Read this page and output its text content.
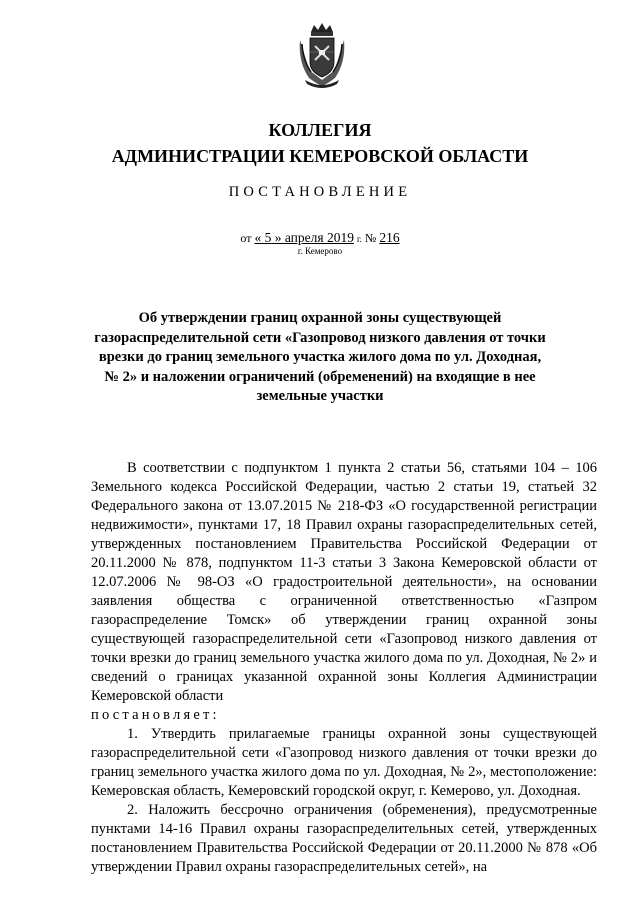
КОЛЛЕГИЯ
АДМИНИСТРАЦИИ КЕМЕРОВСКОЙ ОБЛАСТИ
ПОСТАНОВЛЕНИЕ
от « 5 » апреля 2019 г. № 216
г. Кемерово
Об утверждении границ охранной зоны существующей газораспределительной сети «Газопровод низкого давления от точки врезки до границ земельного участка жилого дома по ул. Доходная, № 2» и наложении ограничений (обременений) на входящие в нее земельные участки

В соответствии с подпунктом 1 пункта 2 статьи 56, статьями 104 – 106 Земельного кодекса Российской Федерации, частью 2 статьи 19, статьей 32 Федерального закона от 13.07.2015 № 218-ФЗ «О государственной регистрации недвижимости», пунктами 17, 18 Правил охраны газораспределительных сетей, утвержденных постановлением Правительства Российской Федерации от 20.11.2000 № 878, подпунктом 11-3 статьи 3 Закона Кемеровской области от 12.07.2006 № 98-ОЗ «О градостроительной деятельности», на основании заявления общества с ограниченной ответственностью «Газпром газораспределение Томск» об утверждении границ охранной зоны существующей газораспределительной сети «Газопровод низкого давления от точки врезки до границ земельного участка жилого дома по ул. Доходная, № 2» и сведений о границах указанной охранной зоны Коллегия Администрации Кемеровской области

постановляет:

1. Утвердить прилагаемые границы охранной зоны существующей газораспределительной сети «Газопровод низкого давления от точки врезки до границ земельного участка жилого дома по ул. Доходная, № 2», местоположение: Кемеровская область, Кемеровский городской округ, г. Кемерово, ул. Доходная.

2. Наложить бессрочно ограничения (обременения), предусмотренные пунктами 14-16 Правил охраны газораспределительных сетей, утвержденных постановлением Правительства Российской Федерации от 20.11.2000 № 878 «Об утверждении Правил охраны газораспределительных сетей», на
